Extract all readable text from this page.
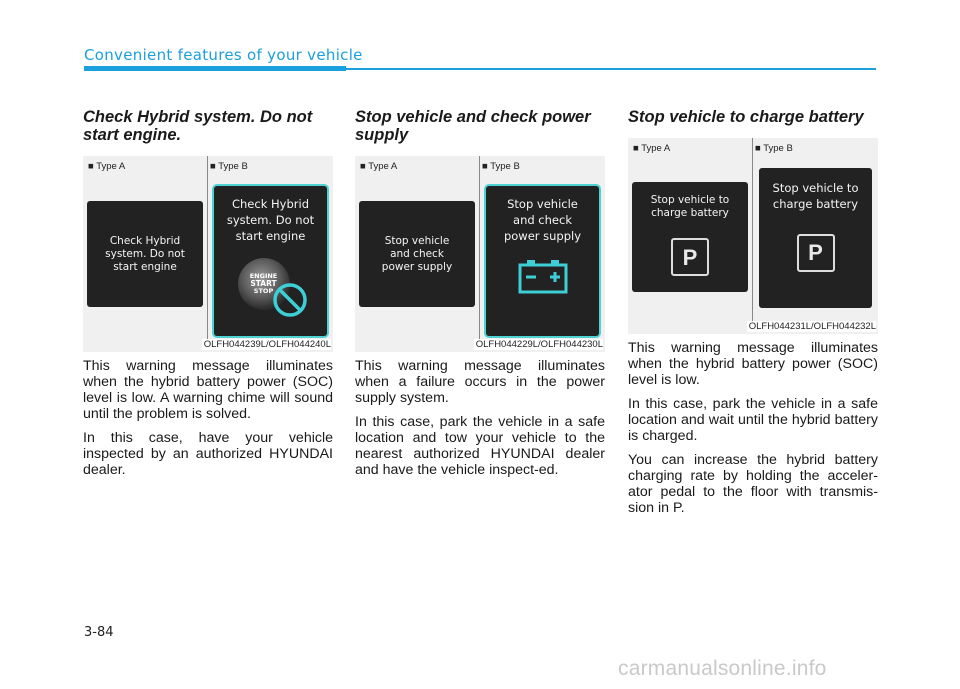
Convenient features of your vehicle
Check Hybrid system. Do not start engine.
■ Type A	■ Type B
Check Hybrid
system. Do not
start engine
Check Hybrid
system. Do not
start engine
ENGINE
START
STOP
OLFH044239L/OLFH044240L

This warning message illuminates when the hybrid battery power (SOC) level is low. A warning chime will sound until the problem is solved.

In this case, have your vehicle inspected by an authorized HYUNDAI dealer.

Stop vehicle and check power supply
■ Type A	■ Type B
Stop vehicle
and check
power supply
Stop vehicle
and check
power supply
OLFH044229L/OLFH044230L

This warning message illuminates when a failure occurs in the power supply system.

In this case, park the vehicle in a safe location and tow your vehicle to the nearest authorized HYUNDAI dealer and have the vehicle inspect-ed.

Stop vehicle to charge battery
■ Type A	■ Type B
Stop vehicle to
charge battery
P
Stop vehicle to
charge battery
P
OLFH044231L/OLFH044232L

This warning message illuminates when the hybrid battery power (SOC) level is low.

In this case, park the vehicle in a safe location and wait until the hybrid battery is charged.

You can increase the hybrid battery charging rate by holding the acceler-ator pedal to the floor with transmis-sion in P.

3-84
carmanualsonline.info
